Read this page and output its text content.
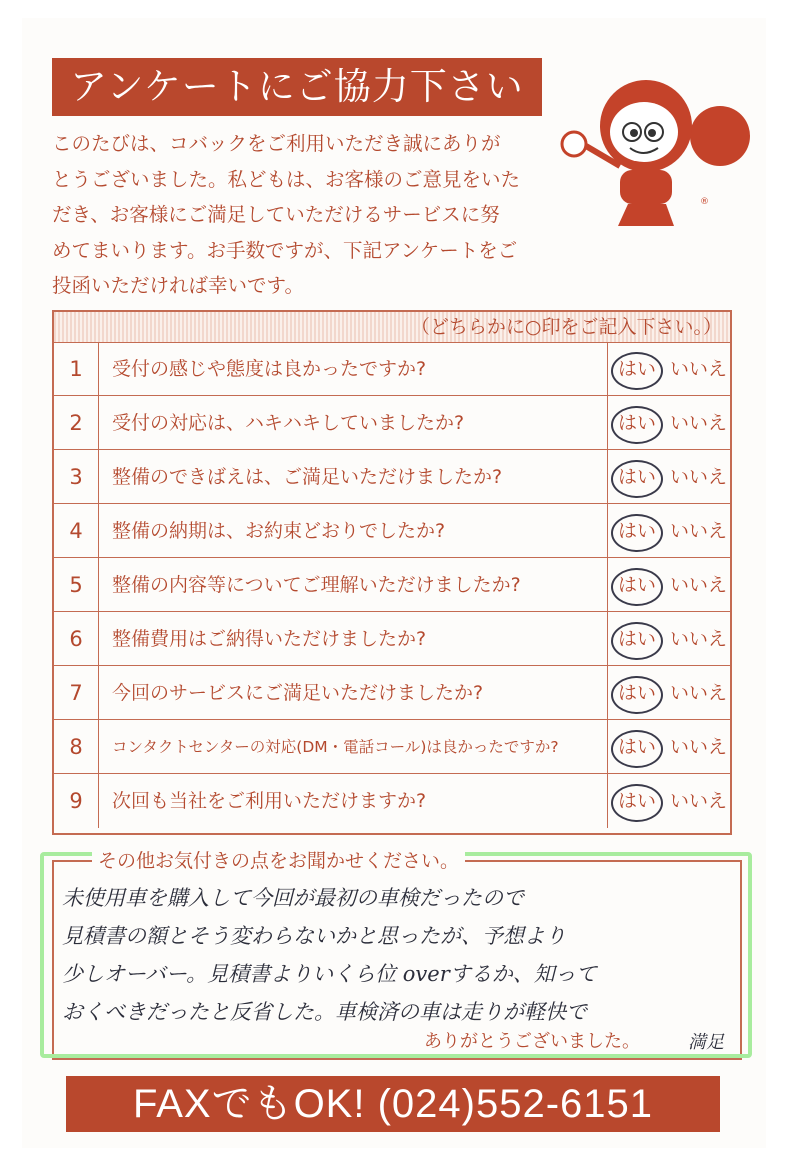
アンケートにご協力下さい
このたびは、コバックをご利用いただき誠にありが
とうございました。私どもは、お客様のご意見をいた
だき、お客様にご満足していただけるサービスに努
めてまいります。お手数ですが、下記アンケートをご
投函いただければ幸いです。
®
（どちらかに○印をご記入下さい。）
1	受付の感じや態度は良かったですか?	はい いいえ
2	受付の対応は、ハキハキしていましたか?	はい いいえ
3	整備のできばえは、ご満足いただけましたか?	はい いいえ
4	整備の納期は、お約束どおりでしたか?	はい いいえ
5	整備の内容等についてご理解いただけましたか?	はい いいえ
6	整備費用はご納得いただけましたか?	はい いいえ
7	今回のサービスにご満足いただけましたか?	はい いいえ
8	コンタクトセンターの対応(DM・電話コール)は良かったですか?	はい いいえ
9	次回も当社をご利用いただけますか?	はい いいえ
その他お気付きの点をお聞かせください。
未使用車を購入して今回が最初の車検だったので
見積書の額とそう変わらないかと思ったが、予想より
少しオーバー。見積書よりいくら位 overするか、知って
おくべきだったと反省した。車検済の車は走りが軽快で
ありがとうございました。	満足
FAXでもOK! (024)552-6151
